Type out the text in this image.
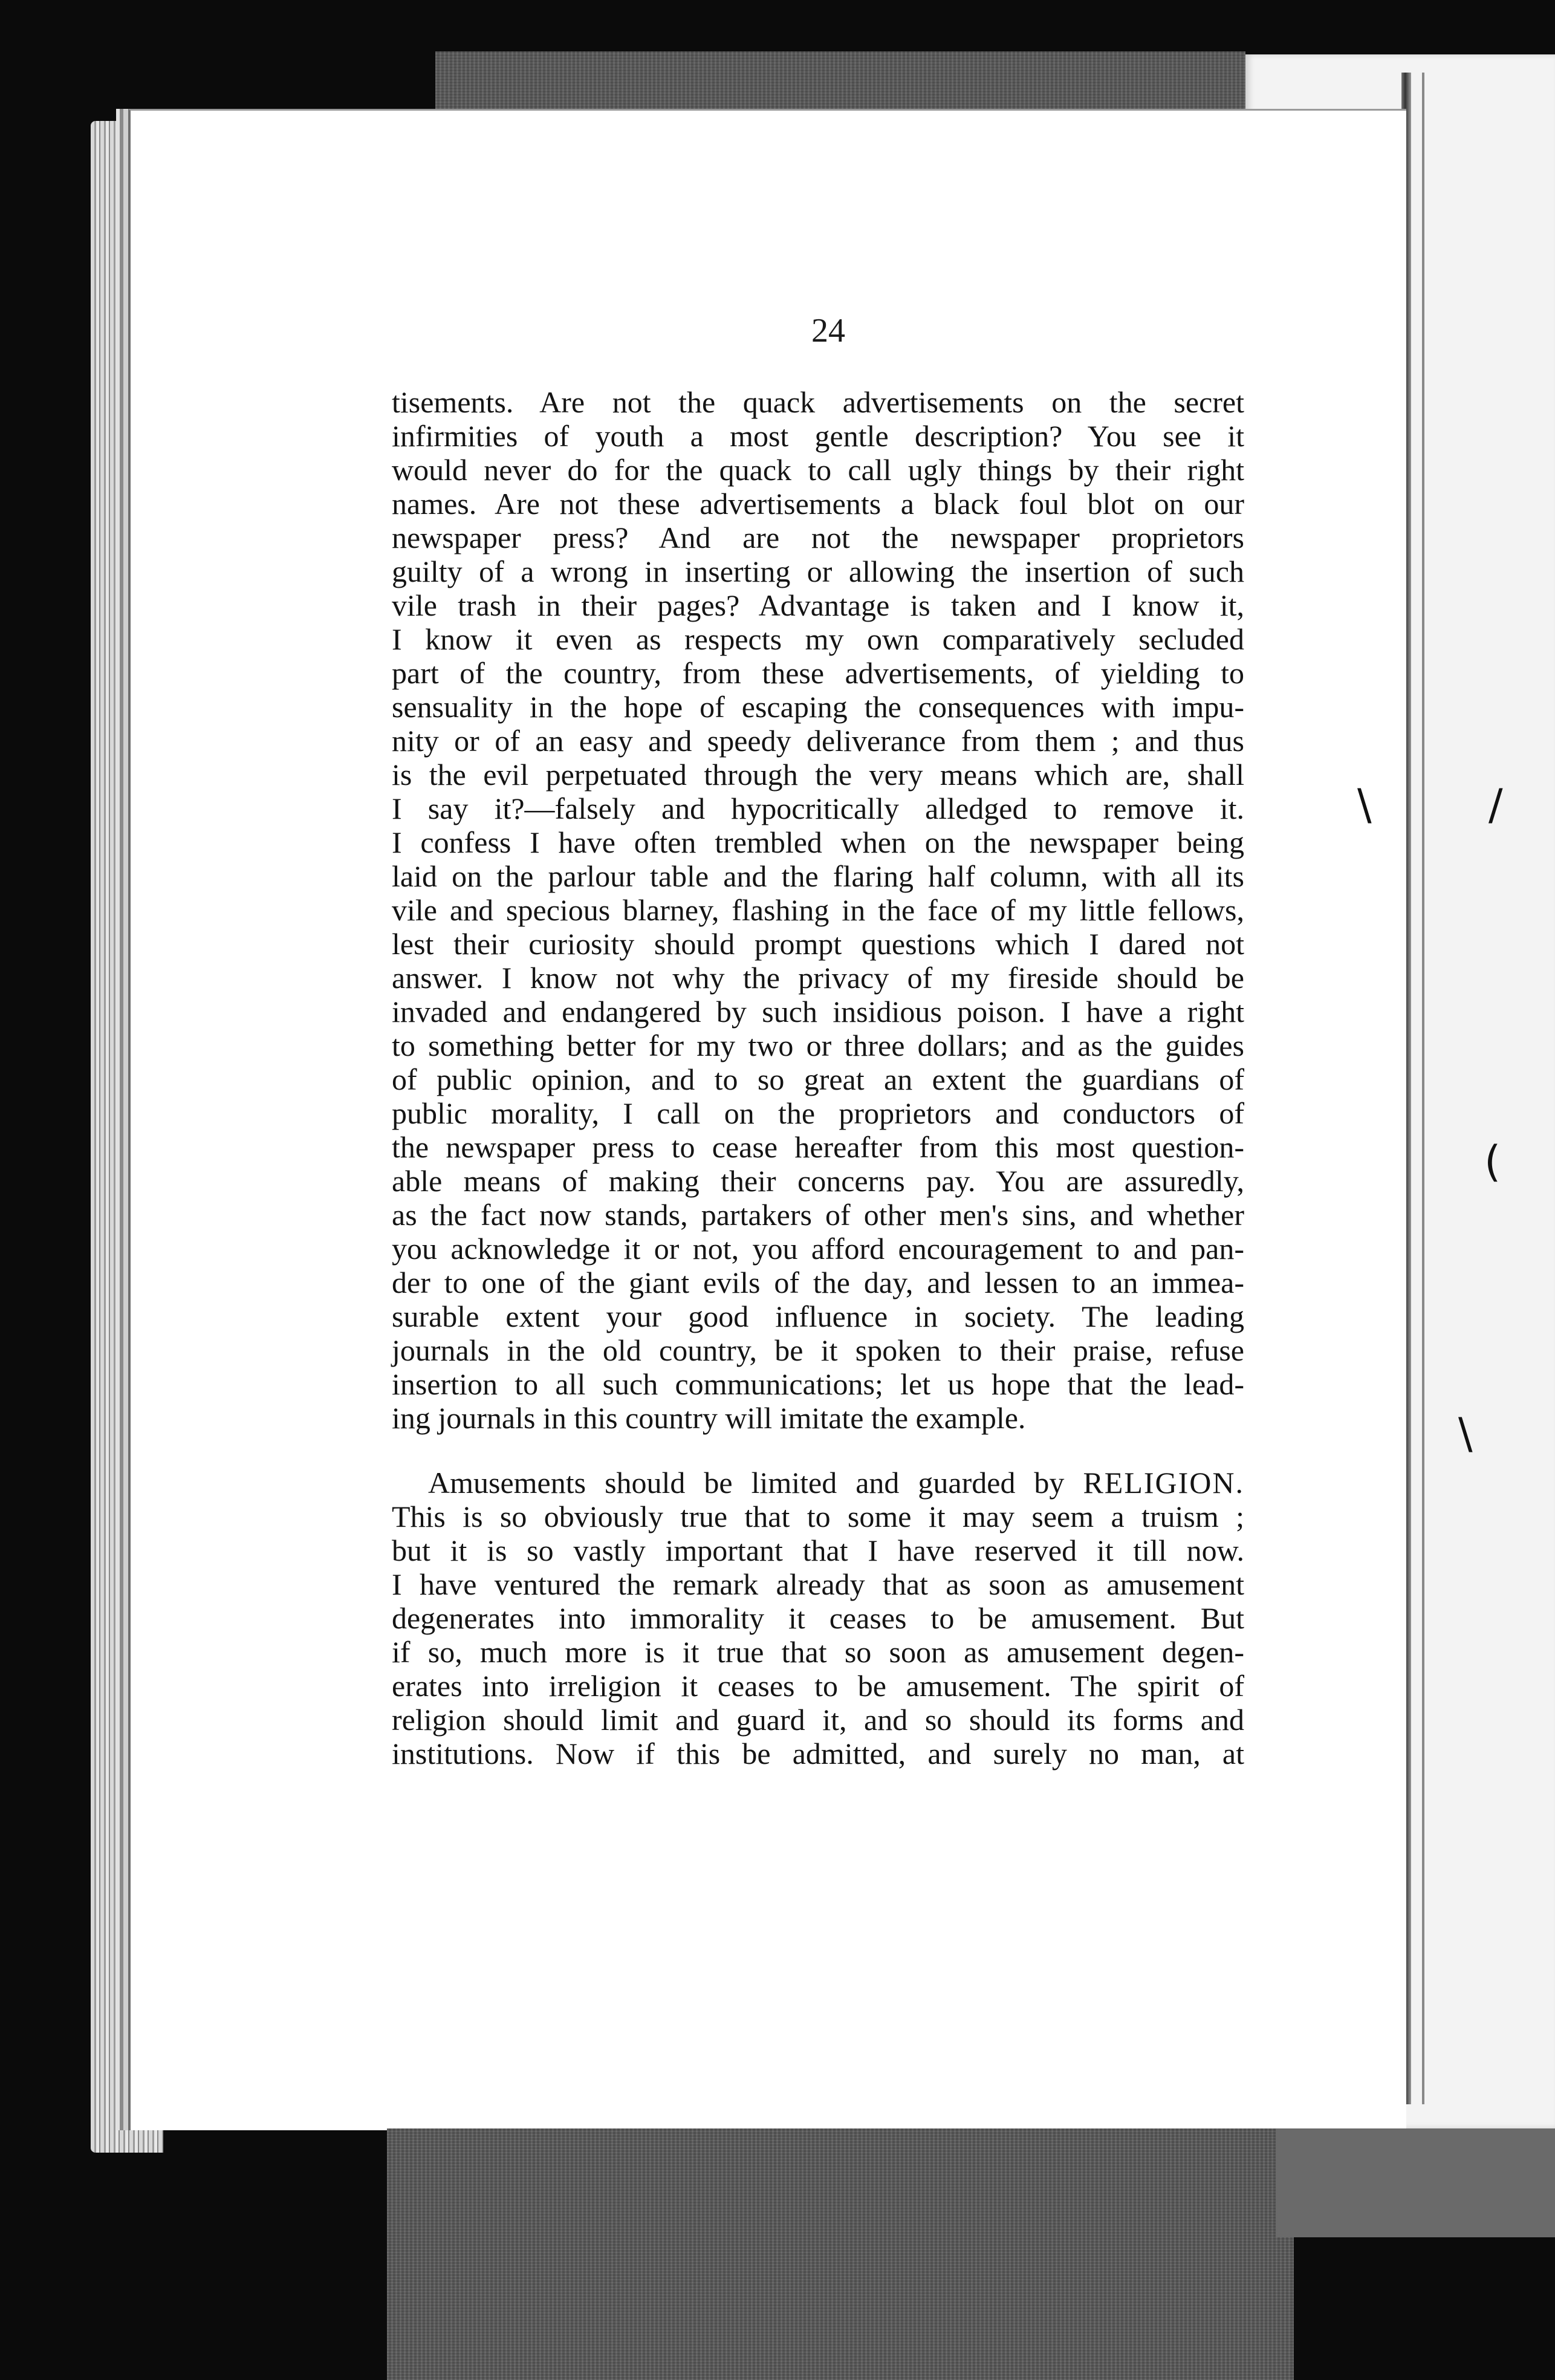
24
tisements. Are not the quack advertisements on the secret
infirmities of youth a most gentle description? You see it
would never do for the quack to call ugly things by their right
names. Are not these advertisements a black foul blot on our
newspaper press? And are not the newspaper proprietors
guilty of a wrong in inserting or allowing the insertion of such
vile trash in their pages? Advantage is taken and I know it,
I know it even as respects my own comparatively secluded
part of the country, from these advertisements, of yielding to
sensuality in the hope of escaping the consequences with impu-
nity or of an easy and speedy deliverance from them ; and thus
is the evil perpetuated through the very means which are, shall
I say it?—falsely and hypocritically alledged to remove it.
I confess I have often trembled when on the newspaper being
laid on the parlour table and the flaring half column, with all its
vile and specious blarney, flashing in the face of my little fellows,
lest their curiosity should prompt questions which I dared not
answer. I know not why the privacy of my fireside should be
invaded and endangered by such insidious poison. I have a right
to something better for my two or three dollars; and as the guides
of public opinion, and to so great an extent the guardians of
public morality, I call on the proprietors and conductors of
the newspaper press to cease hereafter from this most question-
able means of making their concerns pay. You are assuredly,
as the fact now stands, partakers of other men's sins, and whether
you acknowledge it or not, you afford encouragement to and pan-
der to one of the giant evils of the day, and lessen to an immea-
surable extent your good influence in society. The leading
journals in the old country, be it spoken to their praise, refuse
insertion to all such communications; let us hope that the lead-
ing journals in this country will imitate the example.
Amusements should be limited and guarded by RELIGION.
This is so obviously true that to some it may seem a truism ;
but it is so vastly important that I have reserved it till now.
I have ventured the remark already that as soon as amusement
degenerates into immorality it ceases to be amusement. But
if so, much more is it true that so soon as amusement degen-
erates into irreligion it ceases to be amusement. The spirit of
religion should limit and guard it, and so should its forms and
institutions. Now if this be admitted, and surely no man, at
\	/
(
\
